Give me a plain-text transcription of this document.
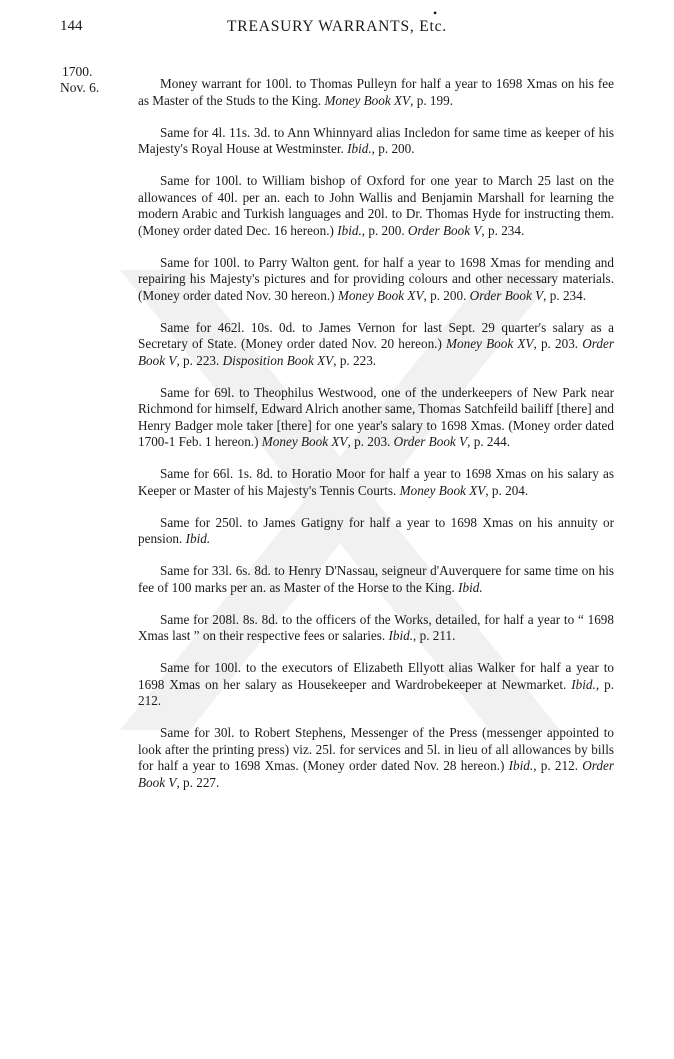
144	TREASURY WARRANTS, Etc.
•
1700.
Nov. 6.	Money warrant for 100l. to Thomas Pulleyn for half a year to 1698 Xmas on his fee as Master of the Studs to the King. Money Book XV, p. 199.

Same for 4l. 11s. 3d. to Ann Whinnyard alias Incledon for same time as keeper of his Majesty's Royal House at Westminster. Ibid., p. 200.

Same for 100l. to William bishop of Oxford for one year to March 25 last on the allowances of 40l. per an. each to John Wallis and Benjamin Marshall for learning the modern Arabic and Turkish languages and 20l. to Dr. Thomas Hyde for instructing them. (Money order dated Dec. 16 hereon.) Ibid., p. 200. Order Book V, p. 234.

Same for 100l. to Parry Walton gent. for half a year to 1698 Xmas for mending and repairing his Majesty's pictures and for providing colours and other necessary materials. (Money order dated Nov. 30 hereon.) Money Book XV, p. 200. Order Book V, p. 234.

Same for 462l. 10s. 0d. to James Vernon for last Sept. 29 quarter's salary as a Secretary of State. (Money order dated Nov. 20 hereon.) Money Book XV, p. 203. Order Book V, p. 223. Disposition Book XV, p. 223.

Same for 69l. to Theophilus Westwood, one of the underkeepers of New Park near Richmond for himself, Edward Alrich another same, Thomas Satchfeild bailiff [there] and Henry Badger mole taker [there] for one year's salary to 1698 Xmas. (Money order dated 1700-1 Feb. 1 hereon.) Money Book XV, p. 203. Order Book V, p. 244.

Same for 66l. 1s. 8d. to Horatio Moor for half a year to 1698 Xmas on his salary as Keeper or Master of his Majesty's Tennis Courts. Money Book XV, p. 204.

Same for 250l. to James Gatigny for half a year to 1698 Xmas on his annuity or pension. Ibid.

Same for 33l. 6s. 8d. to Henry D'Nassau, seigneur d'Auverquere for same time on his fee of 100 marks per an. as Master of the Horse to the King. Ibid.

Same for 208l. 8s. 8d. to the officers of the Works, detailed, for half a year to “ 1698 Xmas last ” on their respective fees or salaries. Ibid., p. 211.

Same for 100l. to the executors of Elizabeth Ellyott alias Walker for half a year to 1698 Xmas on her salary as Housekeeper and Wardrobekeeper at Newmarket. Ibid., p. 212.

Same for 30l. to Robert Stephens, Messenger of the Press (messenger appointed to look after the printing press) viz. 25l. for services and 5l. in lieu of all allowances by bills for half a year to 1698 Xmas. (Money order dated Nov. 28 hereon.) Ibid., p. 212. Order Book V, p. 227.
